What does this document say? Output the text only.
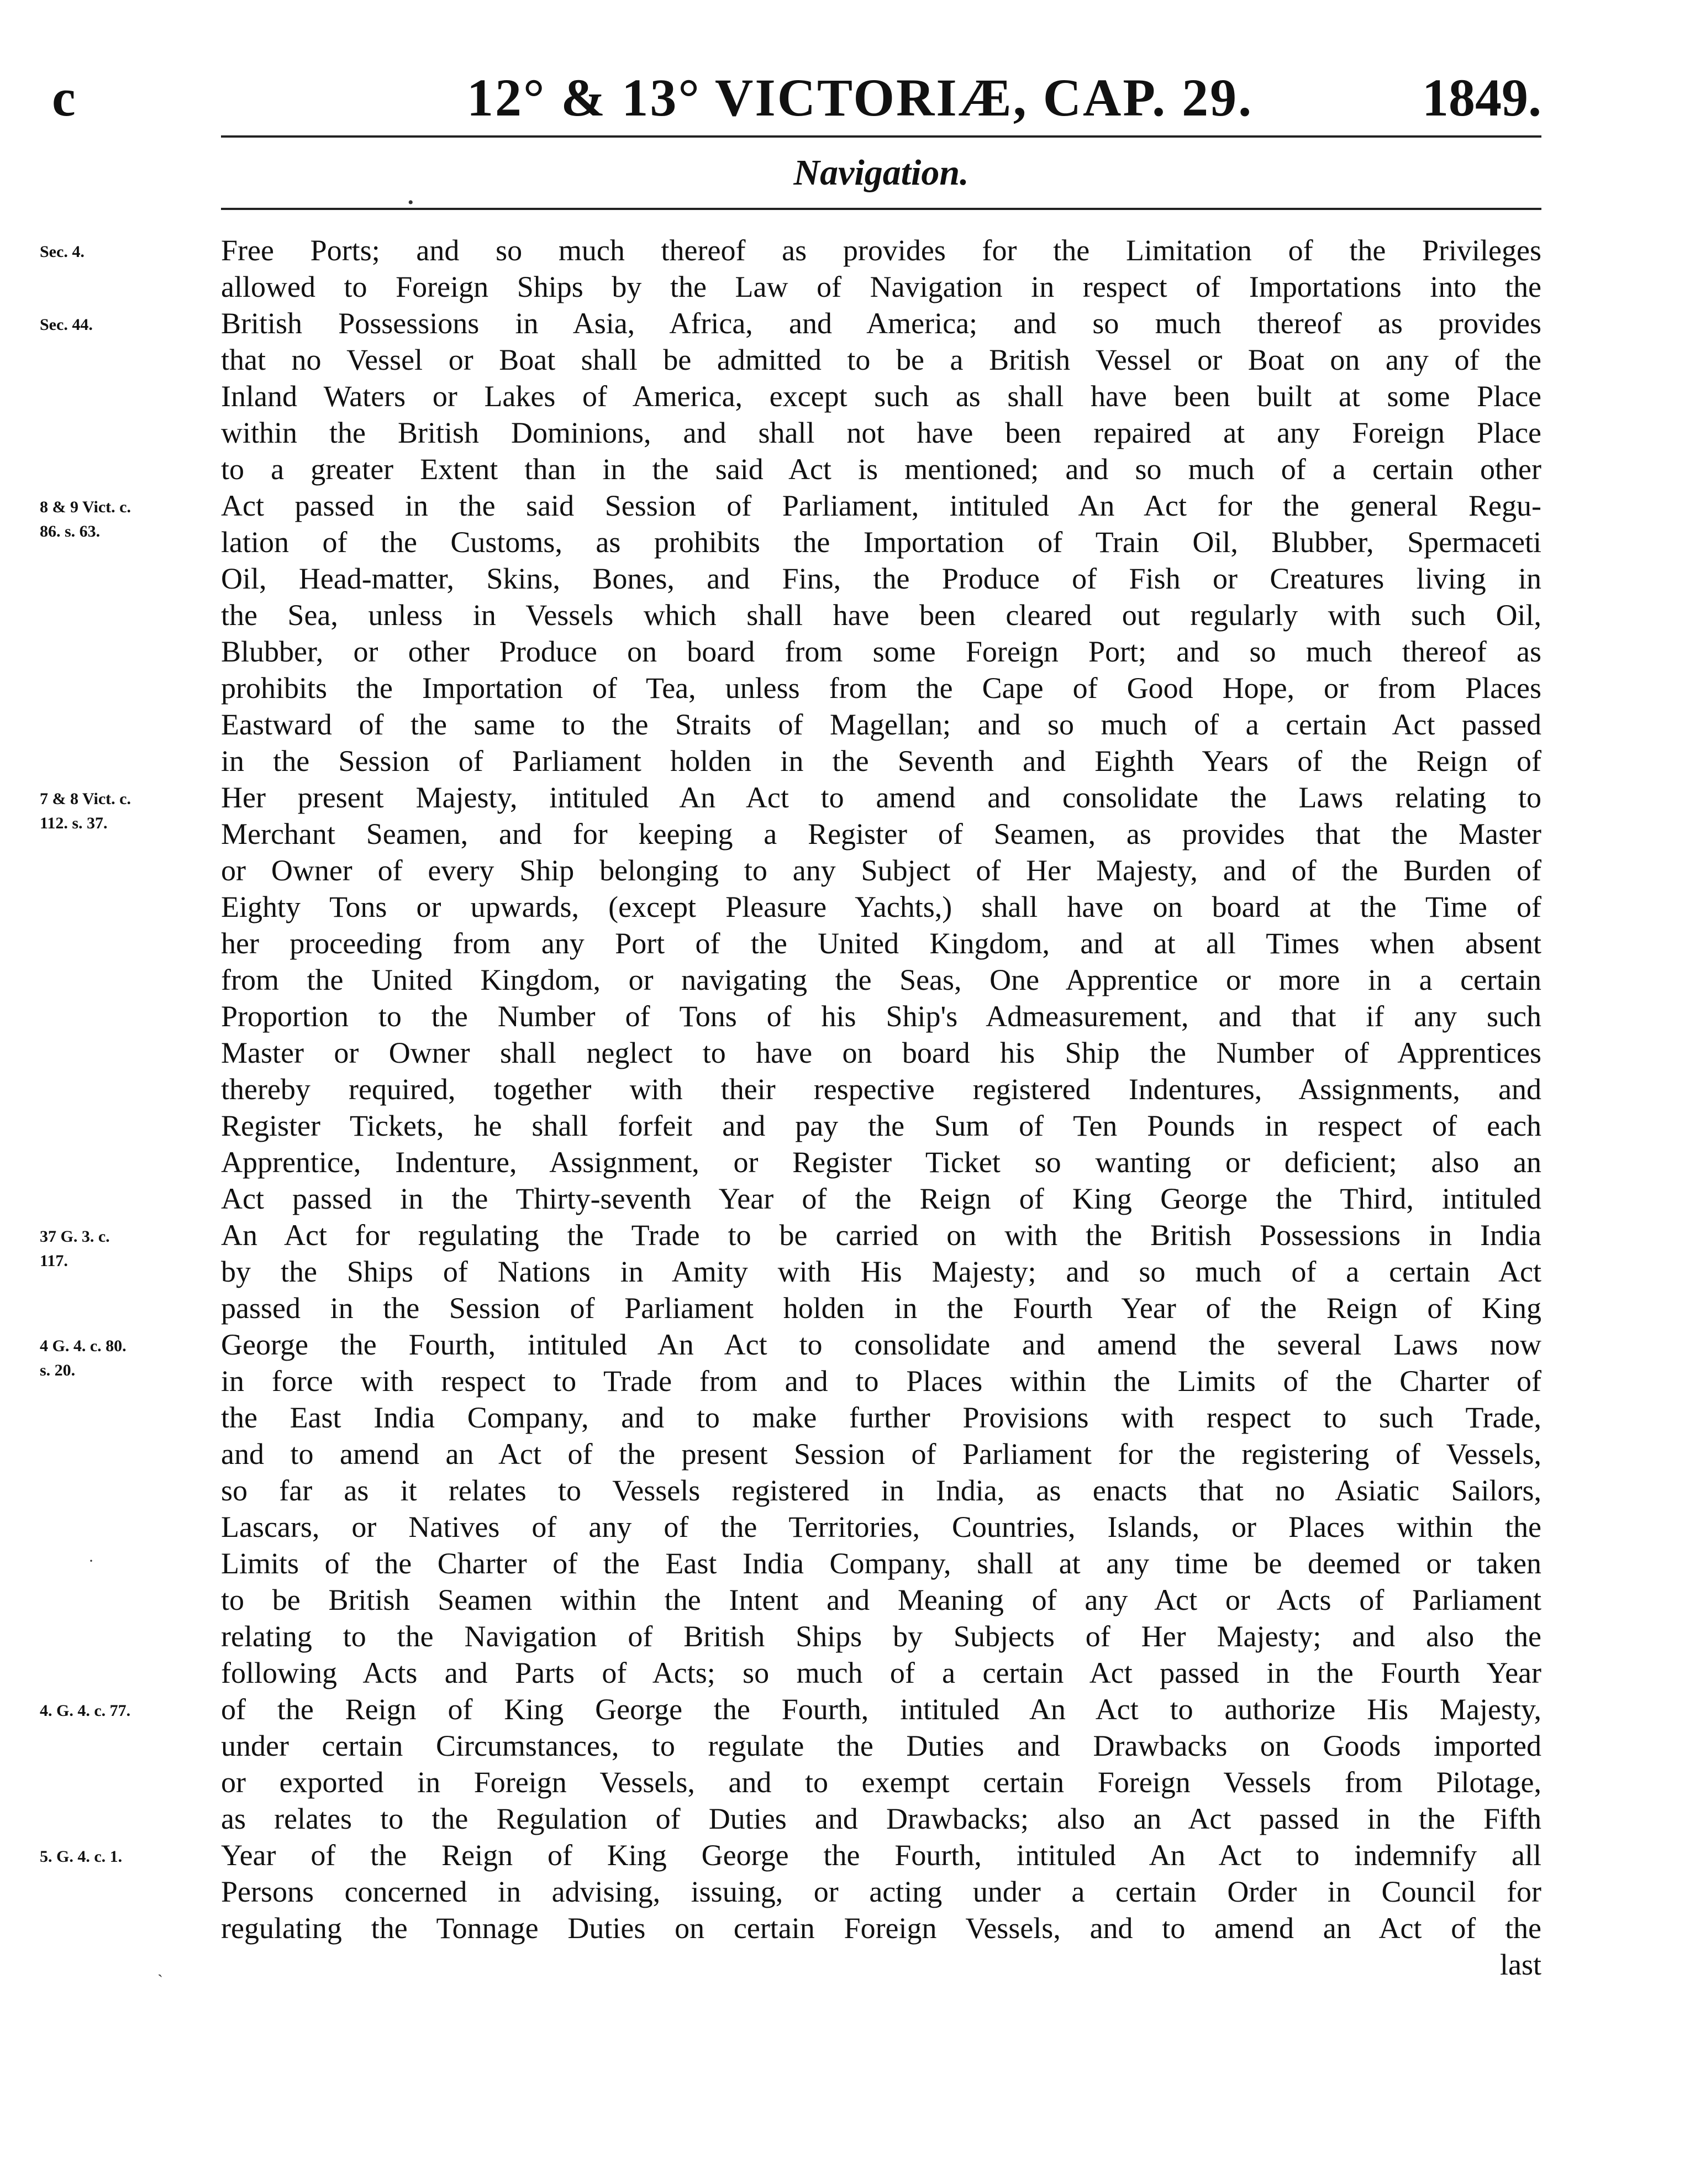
c	12° & 13° VICTORIÆ, CAP. 29.	1849.
Navigation.
•
·
ˎ
Sec. 4.
Sec. 44.
8 & 9 Vict. c.
86. s. 63.
7 & 8 Vict. c.
112. s. 37.
37 G. 3. c.
117.
4 G. 4. c. 80.
s. 20.
4. G. 4. c. 77.
5. G. 4. c. 1.
Free Ports; and so much thereof as provides for the Limitation of the Privileges
allowed to Foreign Ships by the Law of Navigation in respect of Importations into the
British Possessions in Asia, Africa, and America; and so much thereof as provides
that no Vessel or Boat shall be admitted to be a British Vessel or Boat on any of the
Inland Waters or Lakes of America, except such as shall have been built at some Place
within the British Dominions, and shall not have been repaired at any Foreign Place
to a greater Extent than in the said Act is mentioned; and so much of a certain other
Act passed in the said Session of Parliament, intituled An Act for the general Regu-
lation of the Customs, as prohibits the Importation of Train Oil, Blubber, Spermaceti
Oil, Head-matter, Skins, Bones, and Fins, the Produce of Fish or Creatures living in
the Sea, unless in Vessels which shall have been cleared out regularly with such Oil,
Blubber, or other Produce on board from some Foreign Port; and so much thereof as
prohibits the Importation of Tea, unless from the Cape of Good Hope, or from Places
Eastward of the same to the Straits of Magellan; and so much of a certain Act passed
in the Session of Parliament holden in the Seventh and Eighth Years of the Reign of
Her present Majesty, intituled An Act to amend and consolidate the Laws relating to
Merchant Seamen, and for keeping a Register of Seamen, as provides that the Master
or Owner of every Ship belonging to any Subject of Her Majesty, and of the Burden of
Eighty Tons or upwards, (except Pleasure Yachts,) shall have on board at the Time of
her proceeding from any Port of the United Kingdom, and at all Times when absent
from the United Kingdom, or navigating the Seas, One Apprentice or more in a certain
Proportion to the Number of Tons of his Ship's Admeasurement, and that if any such
Master or Owner shall neglect to have on board his Ship the Number of Apprentices
thereby required, together with their respective registered Indentures, Assignments, and
Register Tickets, he shall forfeit and pay the Sum of Ten Pounds in respect of each
Apprentice, Indenture, Assignment, or Register Ticket so wanting or deficient; also an
Act passed in the Thirty-seventh Year of the Reign of King George the Third, intituled
An Act for regulating the Trade to be carried on with the British Possessions in India
by the Ships of Nations in Amity with His Majesty; and so much of a certain Act
passed in the Session of Parliament holden in the Fourth Year of the Reign of King
George the Fourth, intituled An Act to consolidate and amend the several Laws now
in force with respect to Trade from and to Places within the Limits of the Charter of
the East India Company, and to make further Provisions with respect to such Trade,
and to amend an Act of the present Session of Parliament for the registering of Vessels,
so far as it relates to Vessels registered in India, as enacts that no Asiatic Sailors,
Lascars, or Natives of any of the Territories, Countries, Islands, or Places within the
Limits of the Charter of the East India Company, shall at any time be deemed or taken
to be British Seamen within the Intent and Meaning of any Act or Acts of Parliament
relating to the Navigation of British Ships by Subjects of Her Majesty; and also the
following Acts and Parts of Acts; so much of a certain Act passed in the Fourth Year
of the Reign of King George the Fourth, intituled An Act to authorize His Majesty,
under certain Circumstances, to regulate the Duties and Drawbacks on Goods imported
or exported in Foreign Vessels, and to exempt certain Foreign Vessels from Pilotage,
as relates to the Regulation of Duties and Drawbacks; also an Act passed in the Fifth
Year of the Reign of King George the Fourth, intituled An Act to indemnify all
Persons concerned in advising, issuing, or acting under a certain Order in Council for
regulating the Tonnage Duties on certain Foreign Vessels, and to amend an Act of the
last
